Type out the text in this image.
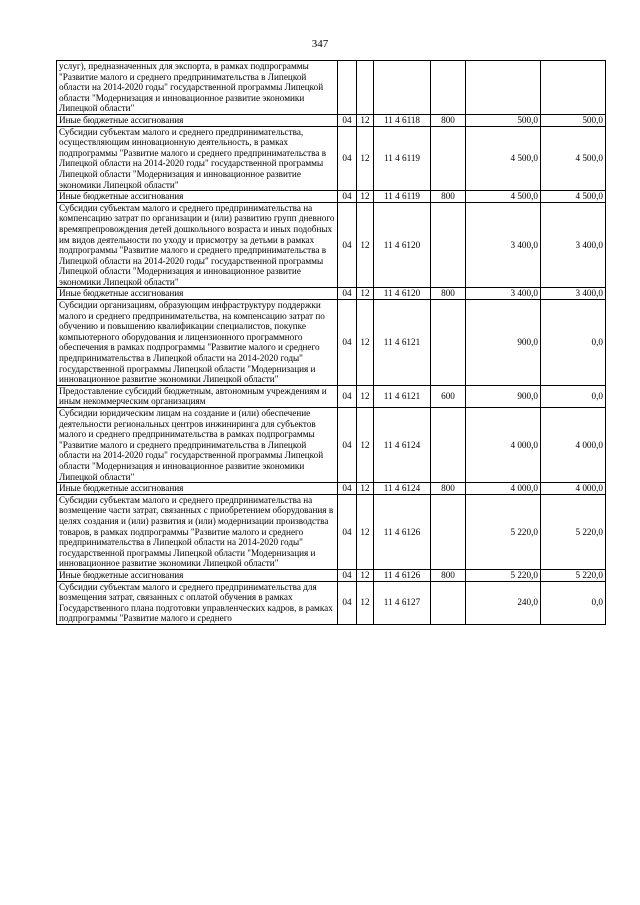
347
услуг), предназначенных для экспорта, в рамках подпрограммы "Развитие малого и среднего предпринимательства в Липецкой области на 2014-2020 годы" государственной программы Липецкой области "Модернизация и инновационное развитие экономики Липецкой области"						
Иные бюджетные ассигнования	04	12	11 4 6118	800	500,0	500,0
Субсидии субъектам малого и среднего предпринимательства, осуществляющим инновационную деятельность, в рамках подпрограммы "Развитие малого и среднего предпринимательства в Липецкой области на 2014-2020 годы" государственной программы Липецкой области "Модернизация и инновационное развитие экономики Липецкой области"	04	12	11 4 6119		4 500,0	4 500,0
Иные бюджетные ассигнования	04	12	11 4 6119	800	4 500,0	4 500,0
Субсидии субъектам малого и среднего предпринимательства на компенсацию затрат по организации и (или) развитию групп дневного времяпрепровождения детей дошкольного возраста и иных подобных им видов деятельности по уходу и присмотру за детьми в рамках подпрограммы "Развитие малого и среднего предпринимательства в Липецкой области на 2014-2020 годы" государственной программы Липецкой области "Модернизация и инновационное развитие экономики Липецкой области"	04	12	11 4 6120		3 400,0	3 400,0
Иные бюджетные ассигнования	04	12	11 4 6120	800	3 400,0	3 400,0
Субсидии организациям, образующим инфраструктуру поддержки малого и среднего предпринимательства, на компенсацию затрат по обучению и повышению квалификации специалистов, покупке компьютерного оборудования и лицензионного программного обеспечения в рамках подпрограммы "Развитие малого и среднего предпринимательства в Липецкой области на 2014-2020 годы" государственной программы Липецкой области "Модернизация и инновационное развитие экономики Липецкой области"	04	12	11 4 6121		900,0	0,0
Предоставление субсидий бюджетным, автономным учреждениям и иным некоммерческим организациям	04	12	11 4 6121	600	900,0	0,0
Субсидии юридическим лицам на создание и (или) обеспечение деятельности региональных центров инжиниринга для субъектов малого и среднего предпринимательства в рамках подпрограммы "Развитие малого и среднего предпринимательства в Липецкой области на 2014-2020 годы" государственной программы Липецкой области "Модернизация и инновационное развитие экономики Липецкой области"	04	12	11 4 6124		4 000,0	4 000,0
Иные бюджетные ассигнования	04	12	11 4 6124	800	4 000,0	4 000,0
Субсидии субъектам малого и среднего предпринимательства на возмещение части затрат, связанных с приобретением оборудования в целях создания и (или) развития и (или) модернизации производства товаров, в рамках подпрограммы "Развитие малого и среднего предпринимательства в Липецкой области на 2014-2020 годы" государственной программы Липецкой области "Модернизация и инновационное развитие экономики Липецкой области"	04	12	11 4 6126		5 220,0	5 220,0
Иные бюджетные ассигнования	04	12	11 4 6126	800	5 220,0	5 220,0
Субсидии субъектам малого и среднего предпринимательства для возмещения затрат, связанных с оплатой обучения в рамках Государственного плана подготовки управленческих кадров, в рамках подпрограммы "Развитие малого и среднего	04	12	11 4 6127		240,0	0,0
